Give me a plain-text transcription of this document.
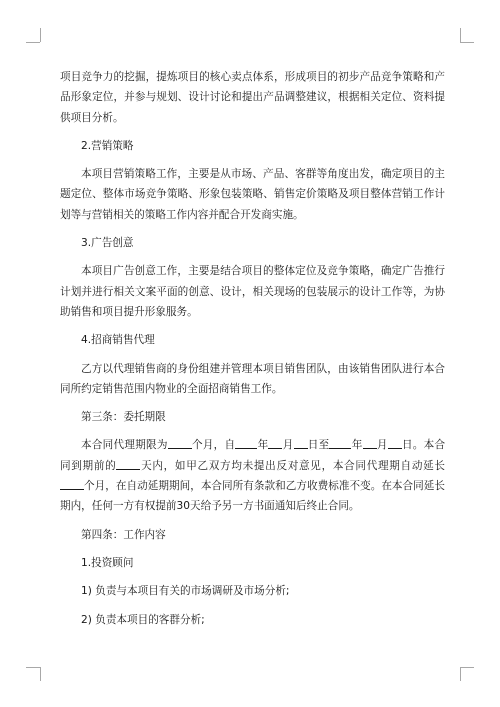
项目竞争力的挖掘，提炼项目的核心卖点体系，形成项目的初步产品竞争策略和产品形象定位，并参与规划、设计讨论和提出产品调整建议，根据相关定位、资料提供项目分析。

2.营销策略

本项目营销策略工作，主要是从市场、产品、客群等角度出发，确定项目的主题定位、整体市场竞争策略、形象包装策略、销售定价策略及项目整体营销工作计划等与营销相关的策略工作内容并配合开发商实施。

3.广告创意

本项目广告创意工作，主要是结合项目的整体定位及竞争策略，确定广告推行计划并进行相关文案平面的创意、设计，相关现场的包装展示的设计工作等，为协助销售和项目提升形象服务。

4.招商销售代理

乙方以代理销售商的身份组建并管理本项目销售团队，由该销售团队进行本合同所约定销售范围内物业的全面招商销售工作。

第三条：委托期限

本合同代理期限为 个月，自 年 月 日至 年 月 日。本合同到期前的 天内，如甲乙双方均未提出反对意见，本合同代理期自动延长个月，在自动延期期间，本合同所有条款和乙方收费标准不变。在本合同延长期内，任何一方有权提前30天给予另一方书面通知后终止合同。

第四条：工作内容

1.投资顾问

1) 负责与本项目有关的市场调研及市场分析;

2) 负责本项目的客群分析;
